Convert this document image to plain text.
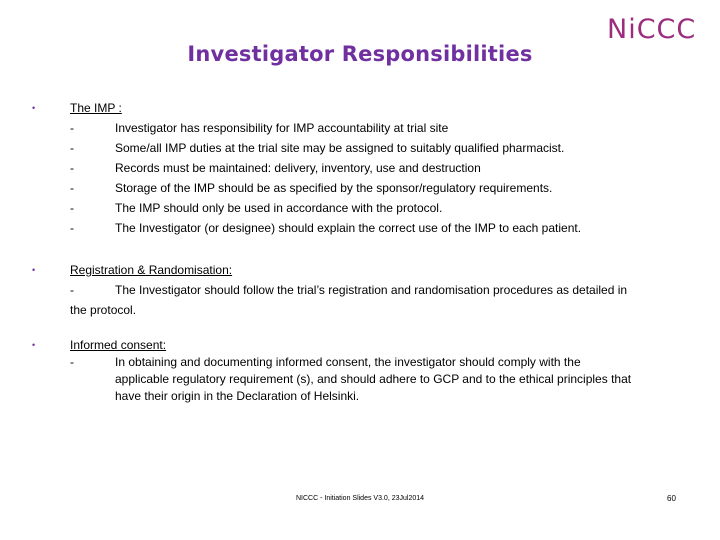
Investigator Responsibilities
NiCCC
•	The IMP :
-	Investigator has responsibility for IMP accountability at trial site
-	Some/all IMP duties at the trial site may be assigned to suitably qualified pharmacist.
-	Records must be maintained: delivery, inventory, use and destruction
-	Storage of the IMP should be as specified by the sponsor/regulatory requirements.
-	The IMP should only be used in accordance with the protocol.
-	The Investigator (or designee) should explain the correct use of the IMP to each patient.
•	Registration & Randomisation:
-	The Investigator should follow the trial’s registration and randomisation procedures as detailed in
the protocol.
•	Informed consent:
-	In obtaining and documenting informed consent, the investigator should comply with the
applicable regulatory requirement (s), and should adhere to GCP and to the ethical principles that
have their origin in the Declaration of Helsinki.
NICCC - Initiation Slides V3.0, 23Jul2014	60
